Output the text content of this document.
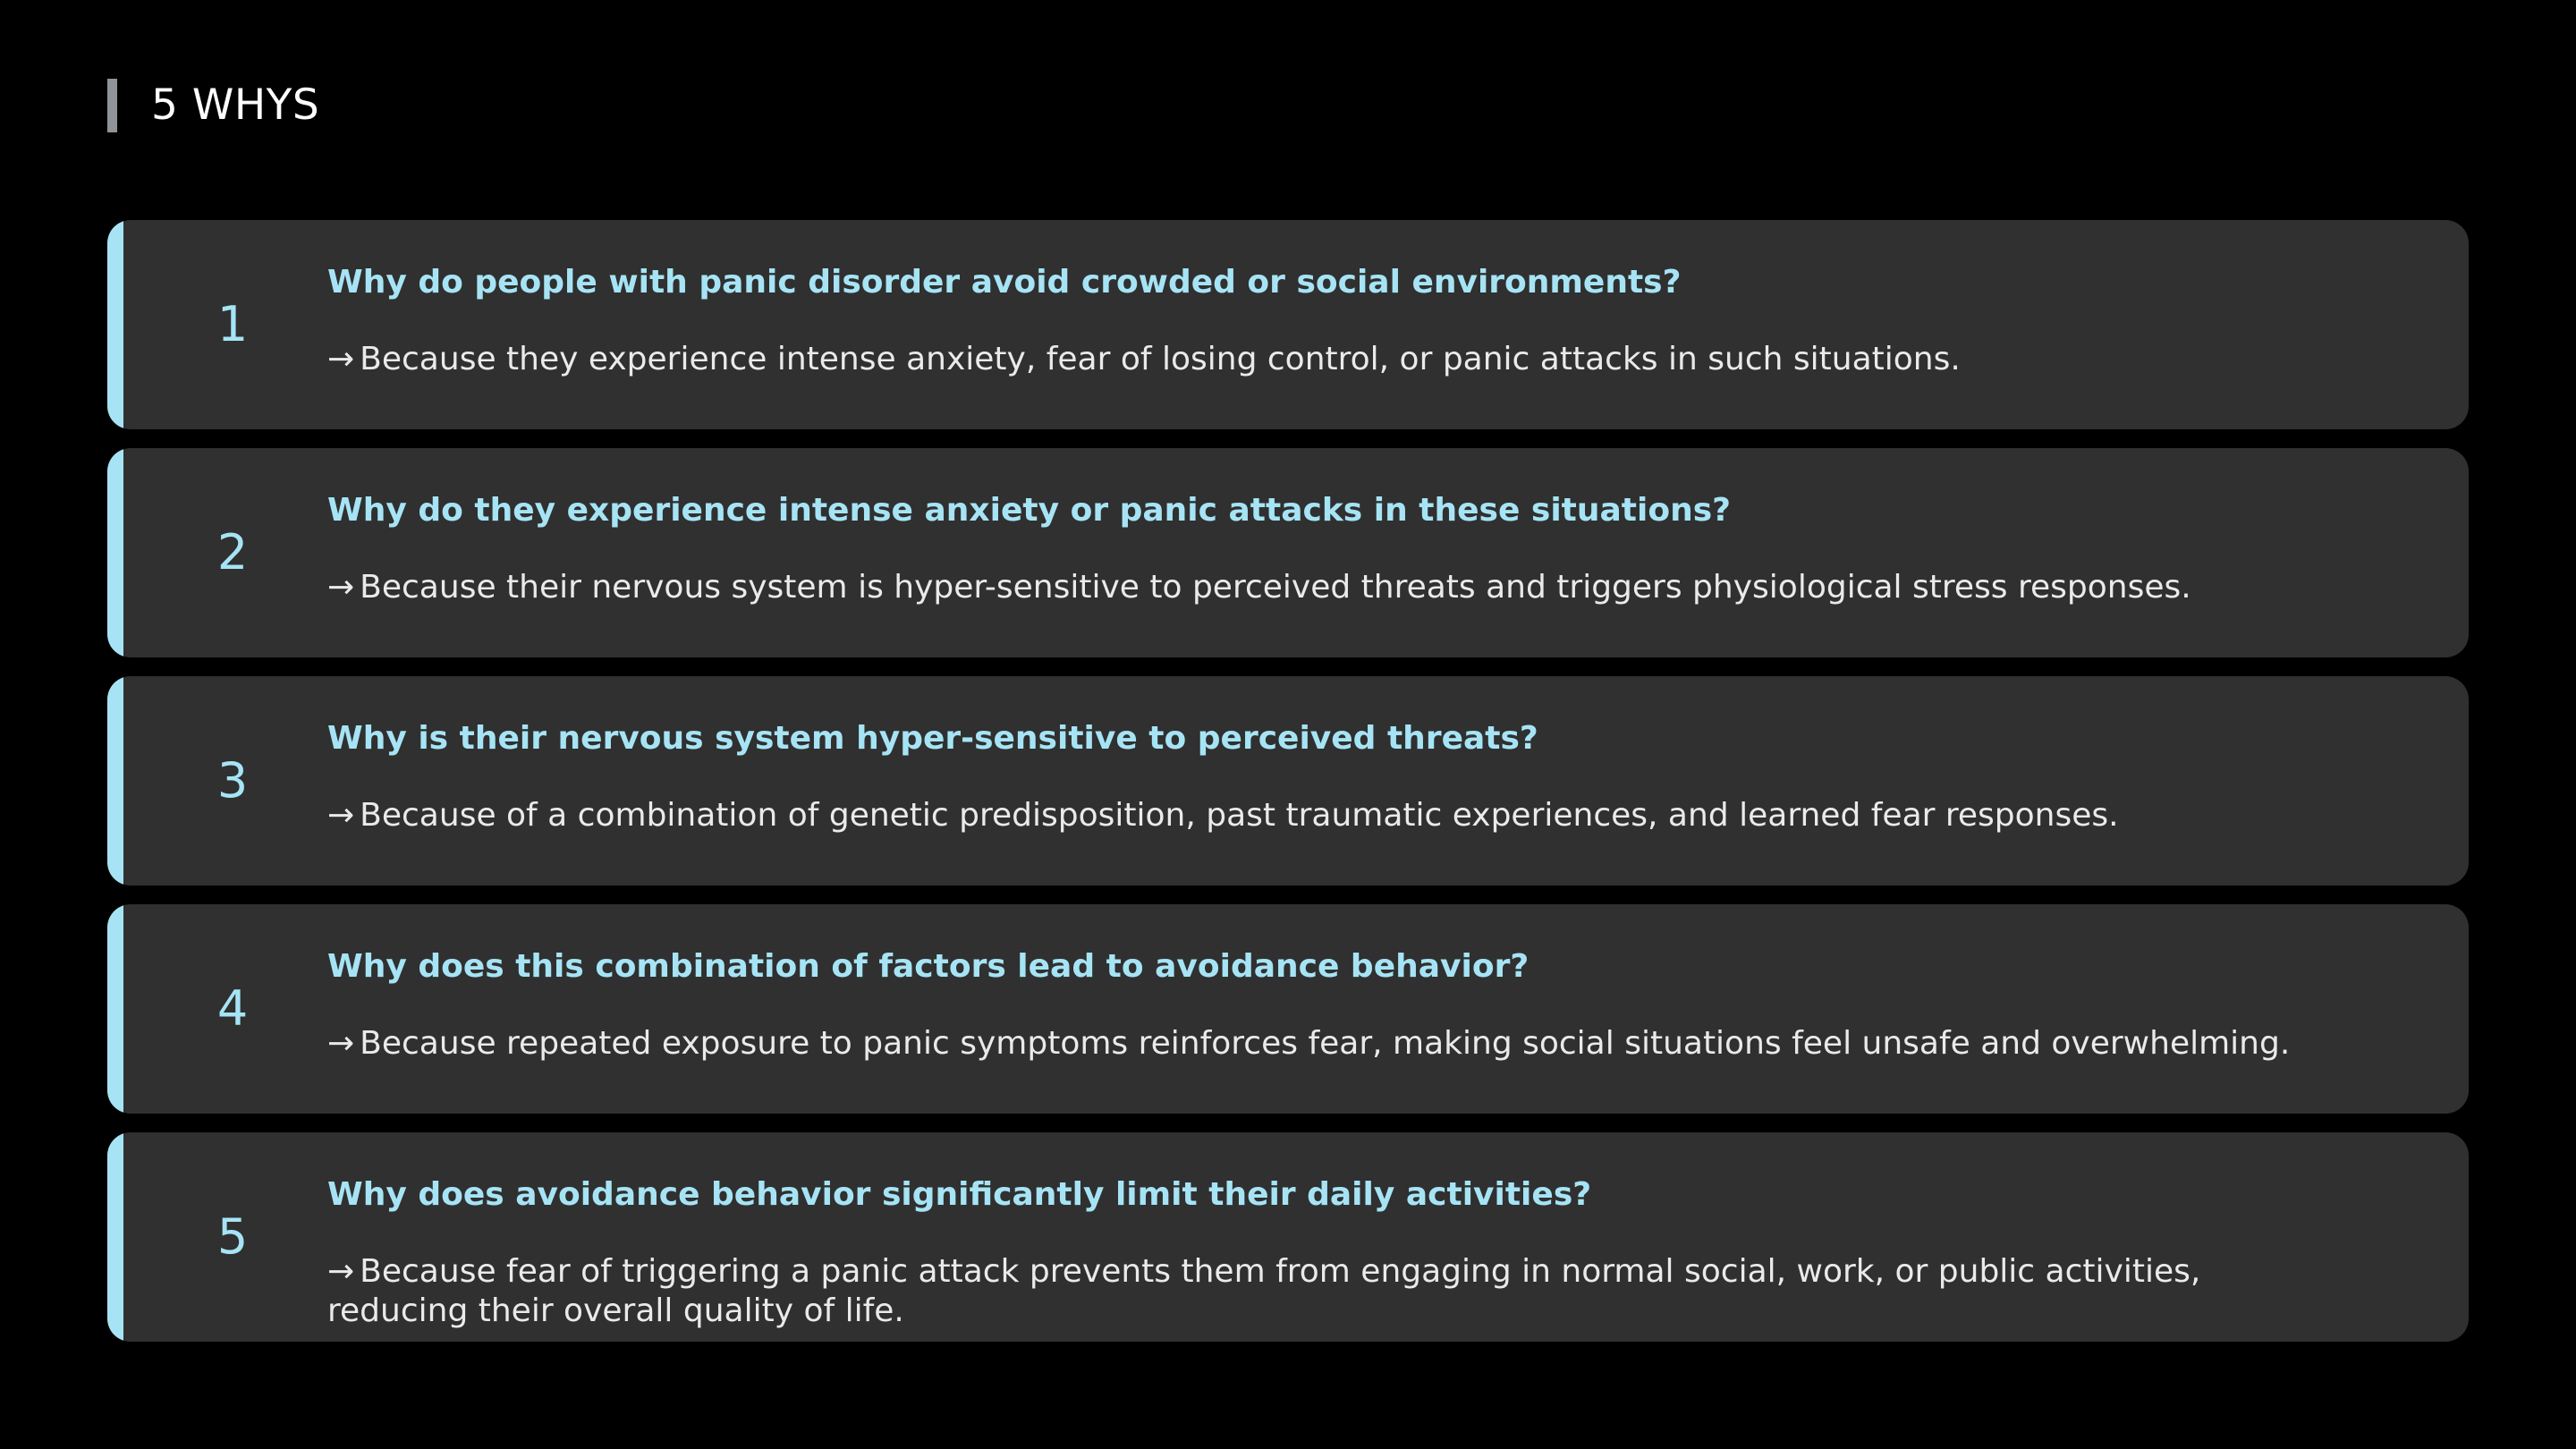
5 WHYS
1
Why do people with panic disorder avoid crowded or social environments?
→ Because they experience intense anxiety, fear of losing control, or panic attacks in such situations.
2
Why do they experience intense anxiety or panic attacks in these situations?
→ Because their nervous system is hyper-sensitive to perceived threats and triggers physiological stress responses.
3
Why is their nervous system hyper-sensitive to perceived threats?
→ Because of a combination of genetic predisposition, past traumatic experiences, and learned fear responses.
4
Why does this combination of factors lead to avoidance behavior?
→ Because repeated exposure to panic symptoms reinforces fear, making social situations feel unsafe and overwhelming.
5
Why does avoidance behavior significantly limit their daily activities?
→ Because fear of triggering a panic attack prevents them from engaging in normal social, work, or public activities, reducing their overall quality of life.
